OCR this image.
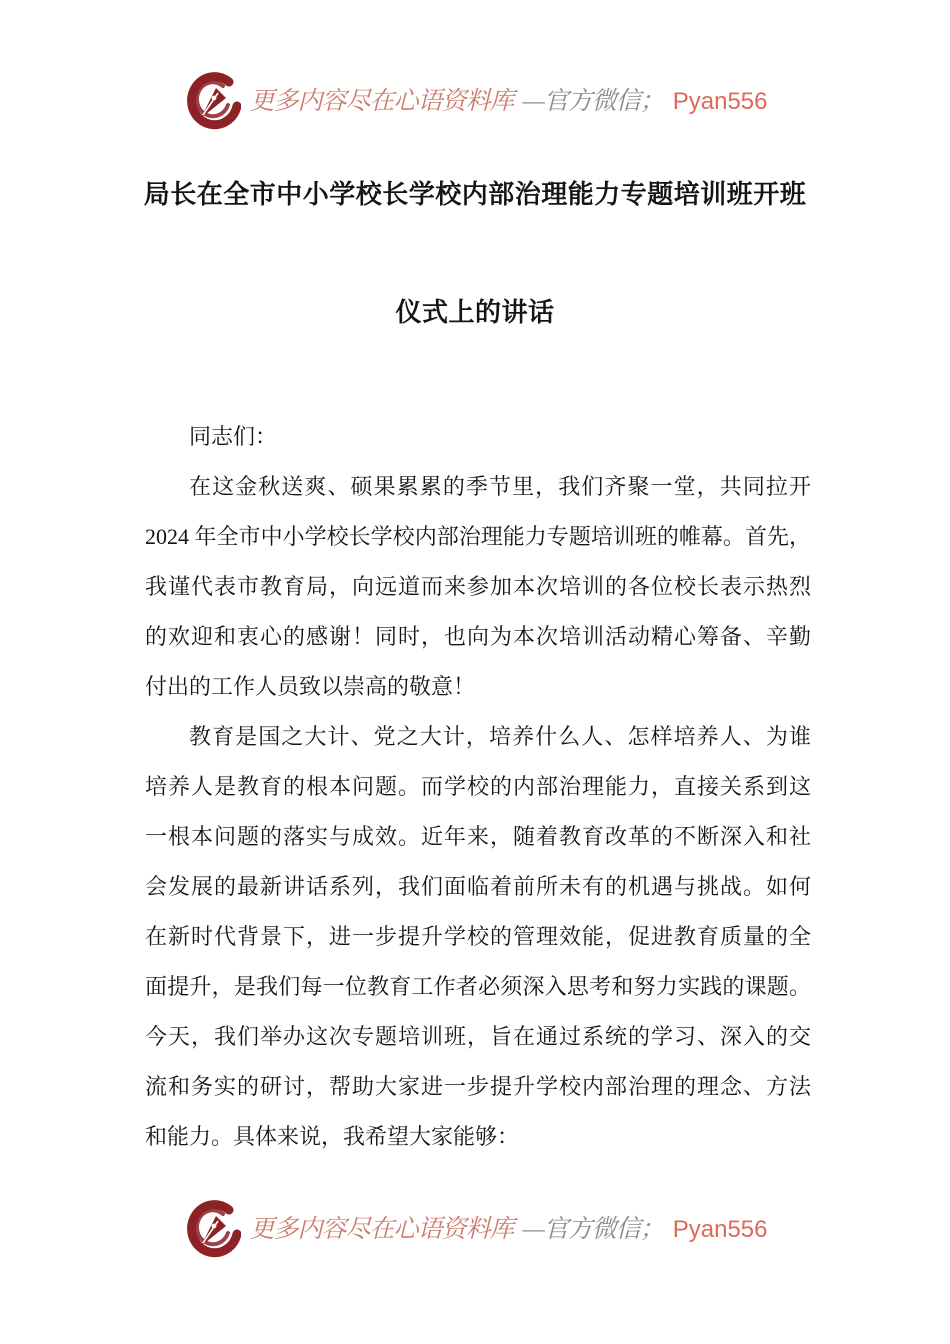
更多内容尽在心语资料库 —官方微信； Pyan556
局长在全市中小学校长学校内部治理能力专题培训班开班
仪式上的讲话
同志们：
在这金秋送爽、硕果累累的季节里，我们齐聚一堂，共同拉开
2024 年全市中小学校长学校内部治理能力专题培训班的帷幕。首先，
我谨代表市教育局，向远道而来参加本次培训的各位校长表示热烈
的欢迎和衷心的感谢！同时，也向为本次培训活动精心筹备、辛勤
付出的工作人员致以崇高的敬意！
教育是国之大计、党之大计，培养什么人、怎样培养人、为谁
培养人是教育的根本问题。而学校的内部治理能力，直接关系到这
一根本问题的落实与成效。近年来，随着教育改革的不断深入和社
会发展的最新讲话系列，我们面临着前所未有的机遇与挑战。如何
在新时代背景下，进一步提升学校的管理效能，促进教育质量的全
面提升，是我们每一位教育工作者必须深入思考和努力实践的课题。
今天，我们举办这次专题培训班，旨在通过系统的学习、深入的交
流和务实的研讨，帮助大家进一步提升学校内部治理的理念、方法
和能力。具体来说，我希望大家能够：
更多内容尽在心语资料库 —官方微信； Pyan556
